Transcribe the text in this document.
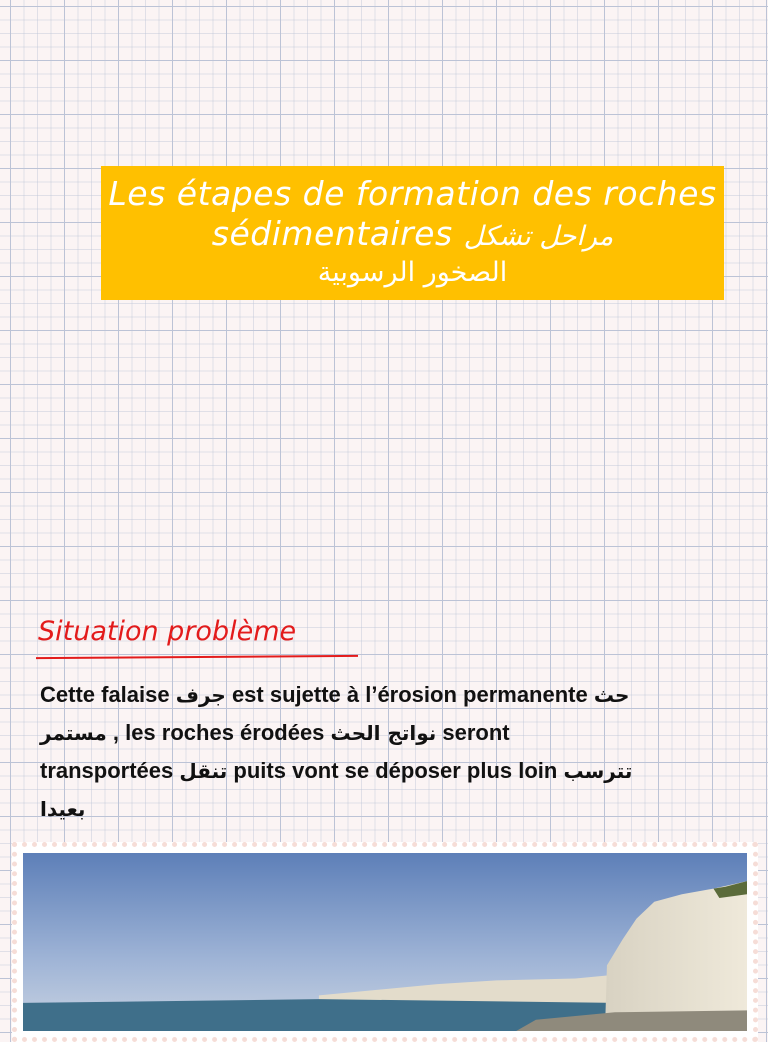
Les étapes de formation des roches sédimentaires مراحل تشكل
الصخور الرسوبية
Situation problème
Cette falaise جرف est sujette à l’érosion permanente حث مستمر , les roches érodées نواتج الحث seront transportées تنقل puits vont se déposer plus loin تترسب بعيدا
